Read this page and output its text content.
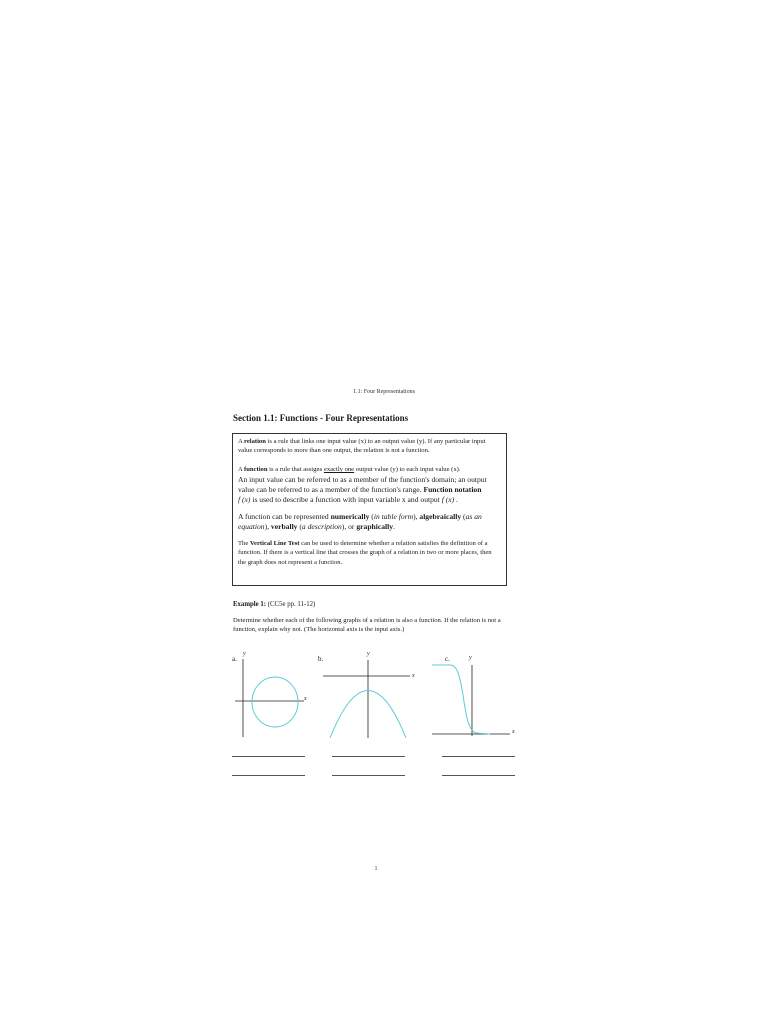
1.1: Four Representations
Section 1.1: Functions - Four Representations

A relation is a rule that links one input value (x) to an output value (y). If any particular input value corresponds to more than one output, the relation is not a function.

A function is a rule that assigns exactly one output value (y) to each input value (x).
An input value can be referred to as a member of the function's domain; an output value can be referred to as a member of the function's range. Function notation
f (x) is used to describe a function with input variable x and output f (x) .

A function can be represented numerically (in table form), algebraically (as an equation), verbally (a description), or graphically.

The Vertical Line Test can be used to determine whether a relation satisfies the definition of a function. If there is a vertical line that crosses the graph of a relation in two or more places, then the graph does not represent a function.

Example 1: (CC5e pp. 11-12)
Determine whether each of the following graphs of a relation is also a function. If the relation is not a function, explain why not. (The horizontal axis is the input axis.)
a.
y
x
b.
y
x
c.	y
x
1
